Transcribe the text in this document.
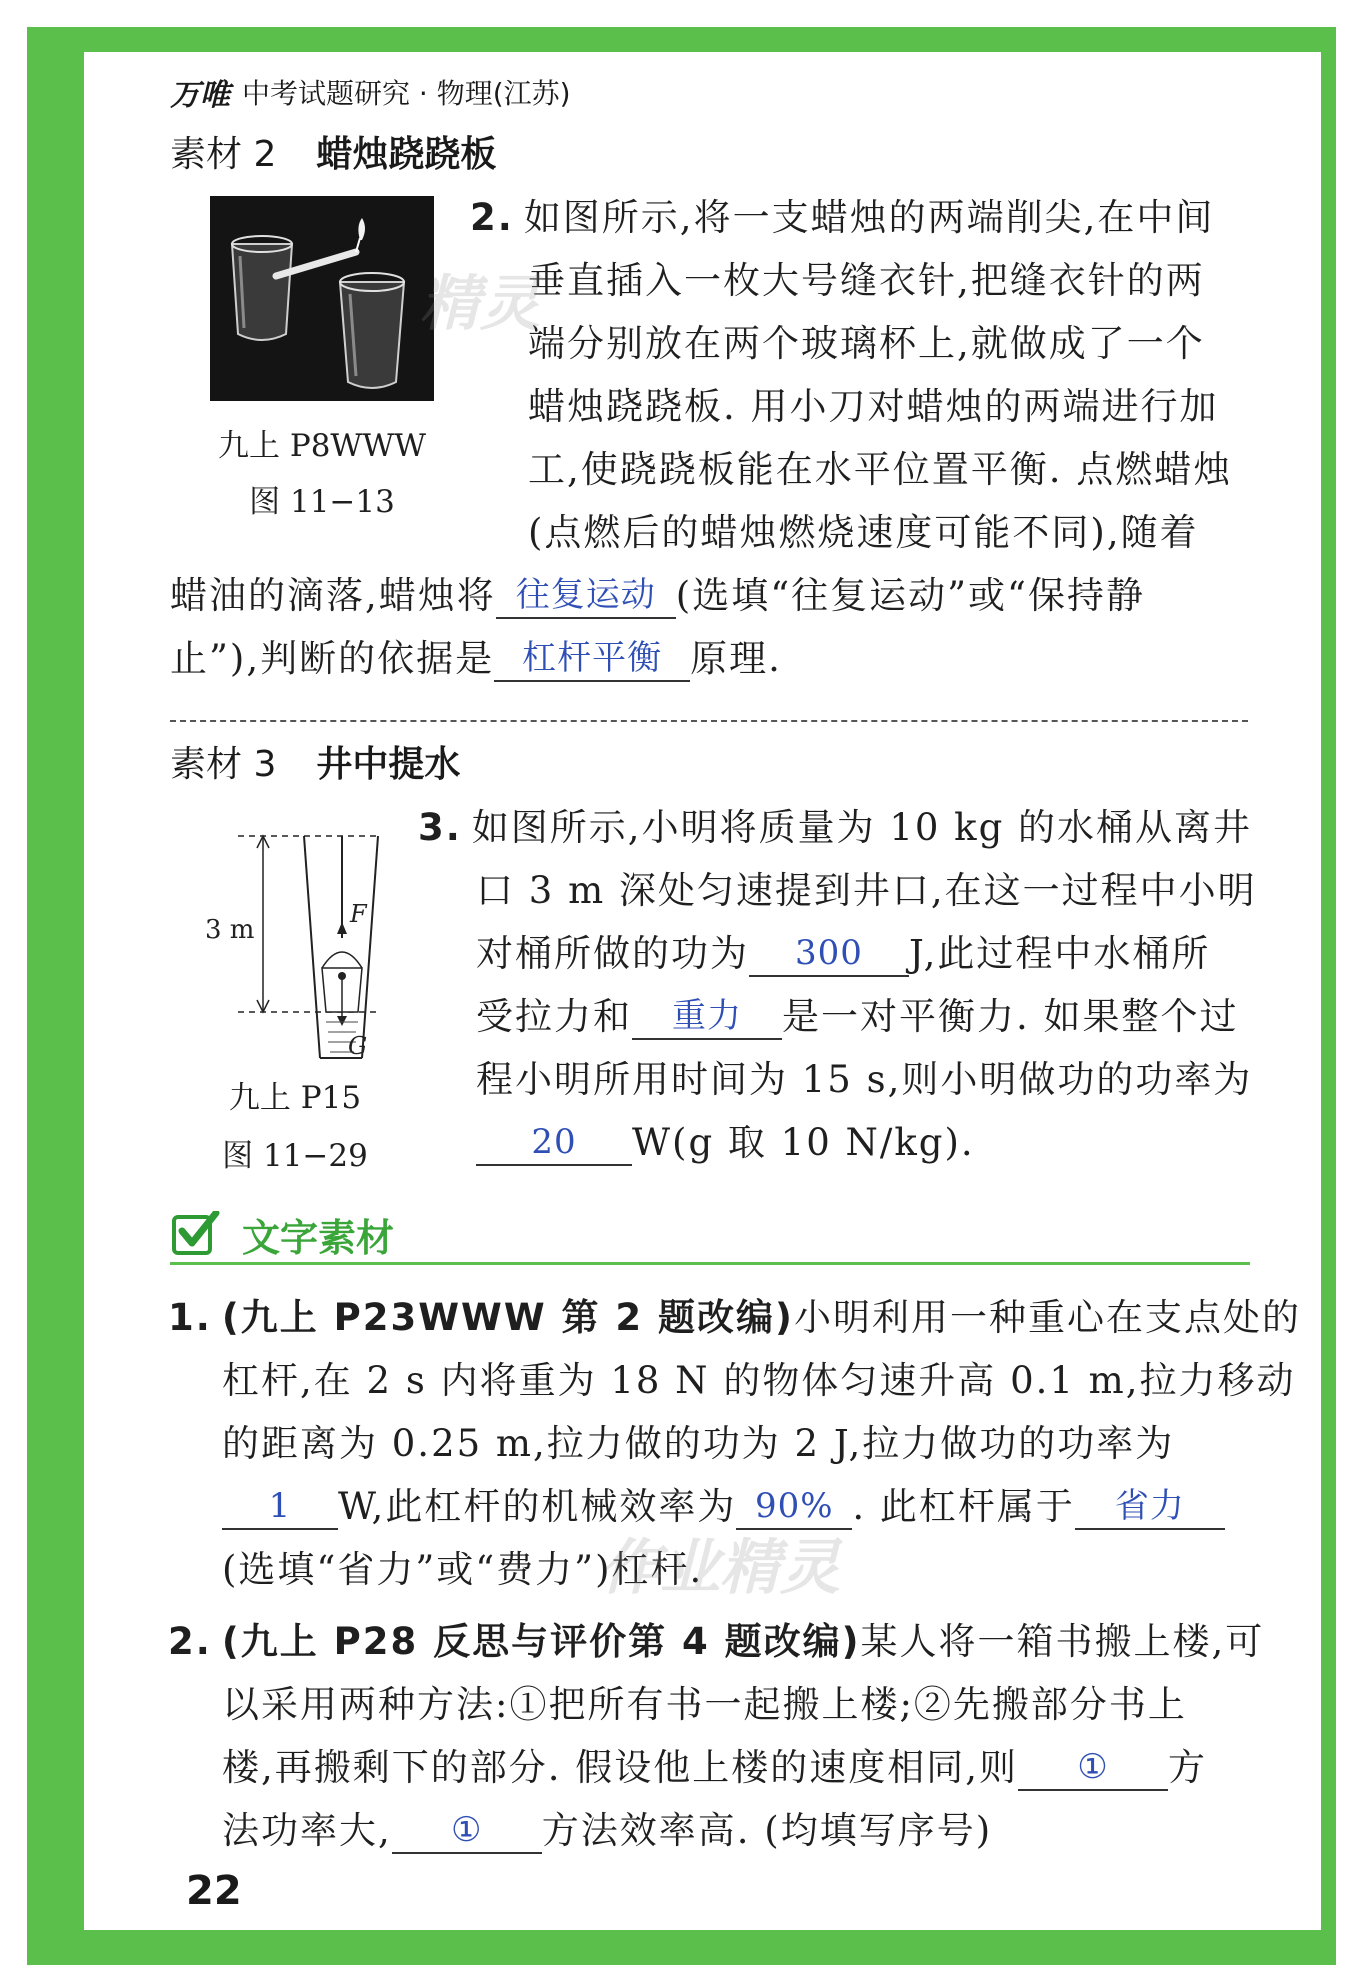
万唯 中考试题研究 · 物理(江苏)
素材 2 蜡烛跷跷板
九上 P8WWW
图 11−13
2. 如图所示,将一支蜡烛的两端削尖,在中间
垂直插入一枚大号缝衣针,把缝衣针的两
端分别放在两个玻璃杯上,就做成了一个
蜡烛跷跷板. 用小刀对蜡烛的两端进行加
工,使跷跷板能在水平位置平衡. 点燃蜡烛
(点燃后的蜡烛燃烧速度可能不同),随着
蜡油的滴落,蜡烛将 往复运动 (选填“往复运动”或“保持静
止”),判断的依据是 杠杆平衡 原理.
素材 3 井中提水
3 m
F
G
九上 P15
图 11−29
3. 如图所示,小明将质量为 10 kg 的水桶从离井
口 3 m 深处匀速提到井口,在这一过程中小明
对桶所做的功为 300 J,此过程中水桶所
受拉力和 重力 是一对平衡力. 如果整个过
程小明所用时间为 15 s,则小明做功的功率为
20 W(g 取 10 N/kg).
文字素材
1. (九上 P23WWW 第 2 题改编)小明利用一种重心在支点处的
杠杆,在 2 s 内将重为 18 N 的物体匀速升高 0.1 m,拉力移动
的距离为 0.25 m,拉力做的功为 2 J,拉力做功的功率为
1 W,此杠杆的机械效率为 90% . 此杠杆属于 省力
(选填“省力”或“费力”)杠杆.
2. (九上 P28 反思与评价第 4 题改编)某人将一箱书搬上楼,可
以采用两种方法:①把所有书一起搬上楼;②先搬部分书上
楼,再搬剩下的部分. 假设他上楼的速度相同,则 ① 方
法功率大, ① 方法效率高. (均填写序号)
22
精灵
作业精灵
